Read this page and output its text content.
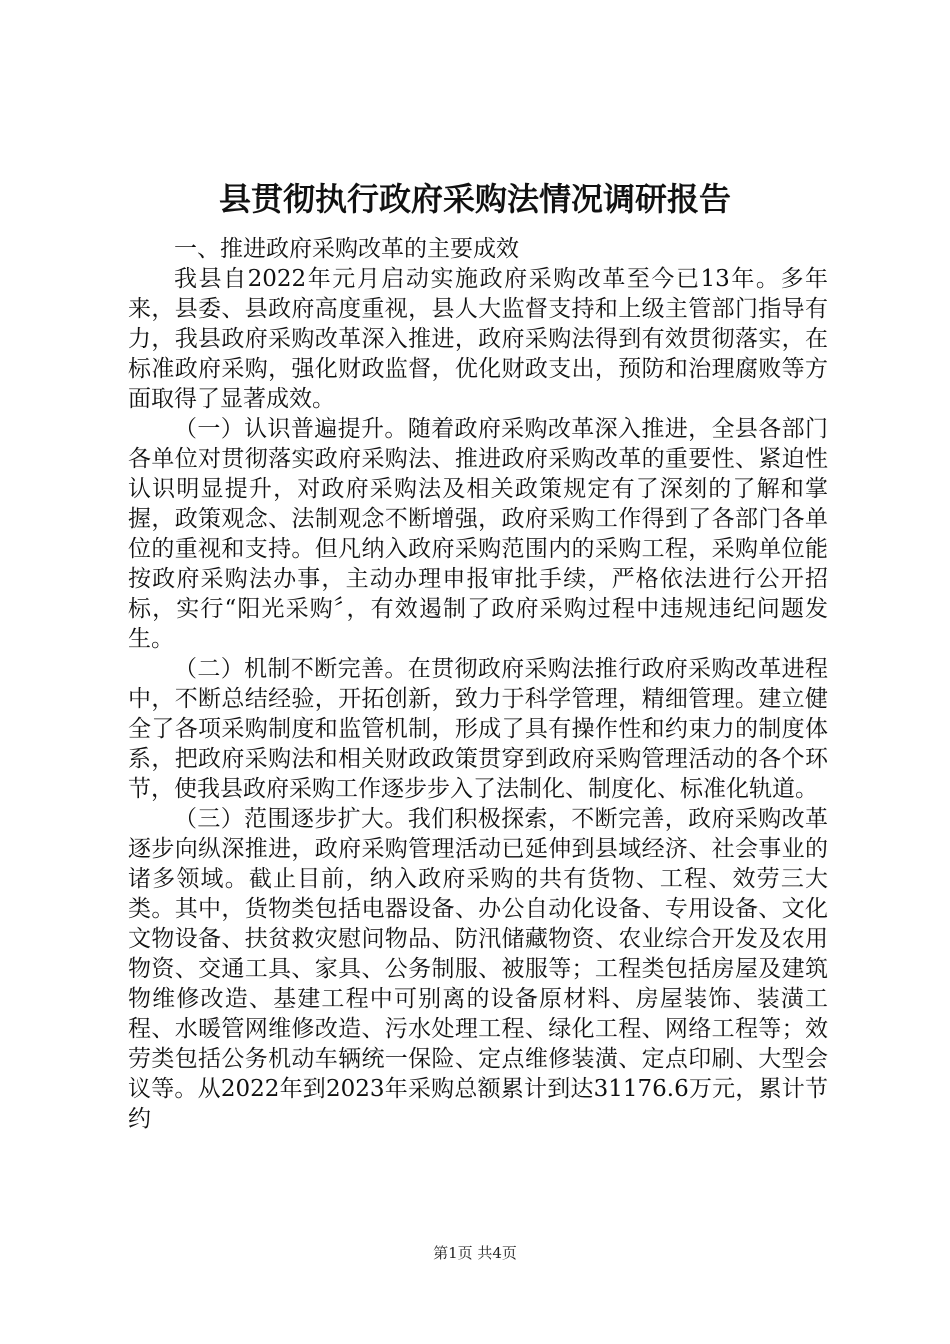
县贯彻执行政府采购法情况调研报告

一、推进政府采购改革的主要成效

我县自2022年元月启动实施政府采购改革至今已13年。多年来，县委、县政府高度重视，县人大监督支持和上级主管部门指导有力，我县政府采购改革深入推进，政府采购法得到有效贯彻落实，在标准政府采购，强化财政监督，优化财政支出，预防和治理腐败等方面取得了显著成效。

（一）认识普遍提升。随着政府采购改革深入推进，全县各部门各单位对贯彻落实政府采购法、推进政府采购改革的重要性、紧迫性认识明显提升，对政府采购法及相关政策规定有了深刻的了解和掌握，政策观念、法制观念不断增强，政府采购工作得到了各部门各单位的重视和支持。但凡纳入政府采购范围内的采购工程，采购单位能按政府采购法办事，主动办理申报审批手续，严格依法进行公开招标，实行“阳光采购〞，有效遏制了政府采购过程中违规违纪问题发生。

（二）机制不断完善。在贯彻政府采购法推行政府采购改革进程中，不断总结经验，开拓创新，致力于科学管理，精细管理。建立健全了各项采购制度和监管机制，形成了具有操作性和约束力的制度体系，把政府采购法和相关财政政策贯穿到政府采购管理活动的各个环节，使我县政府采购工作逐步步入了法制化、制度化、标准化轨道。

（三）范围逐步扩大。我们积极探索，不断完善，政府采购改革逐步向纵深推进，政府采购管理活动已延伸到县域经济、社会事业的诸多领域。截止目前，纳入政府采购的共有货物、工程、效劳三大类。其中，货物类包括电器设备、办公自动化设备、专用设备、文化文物设备、扶贫救灾慰问物品、防汛储藏物资、农业综合开发及农用物资、交通工具、家具、公务制服、被服等；工程类包括房屋及建筑物维修改造、基建工程中可别离的设备原材料、房屋装饰、装潢工程、水暖管网维修改造、污水处理工程、绿化工程、网络工程等；效劳类包括公务机动车辆统一保险、定点维修装潢、定点印刷、大型会议等。从2022年到2023年采购总额累计到达31176.6万元，累计节约

第1页 共4页
